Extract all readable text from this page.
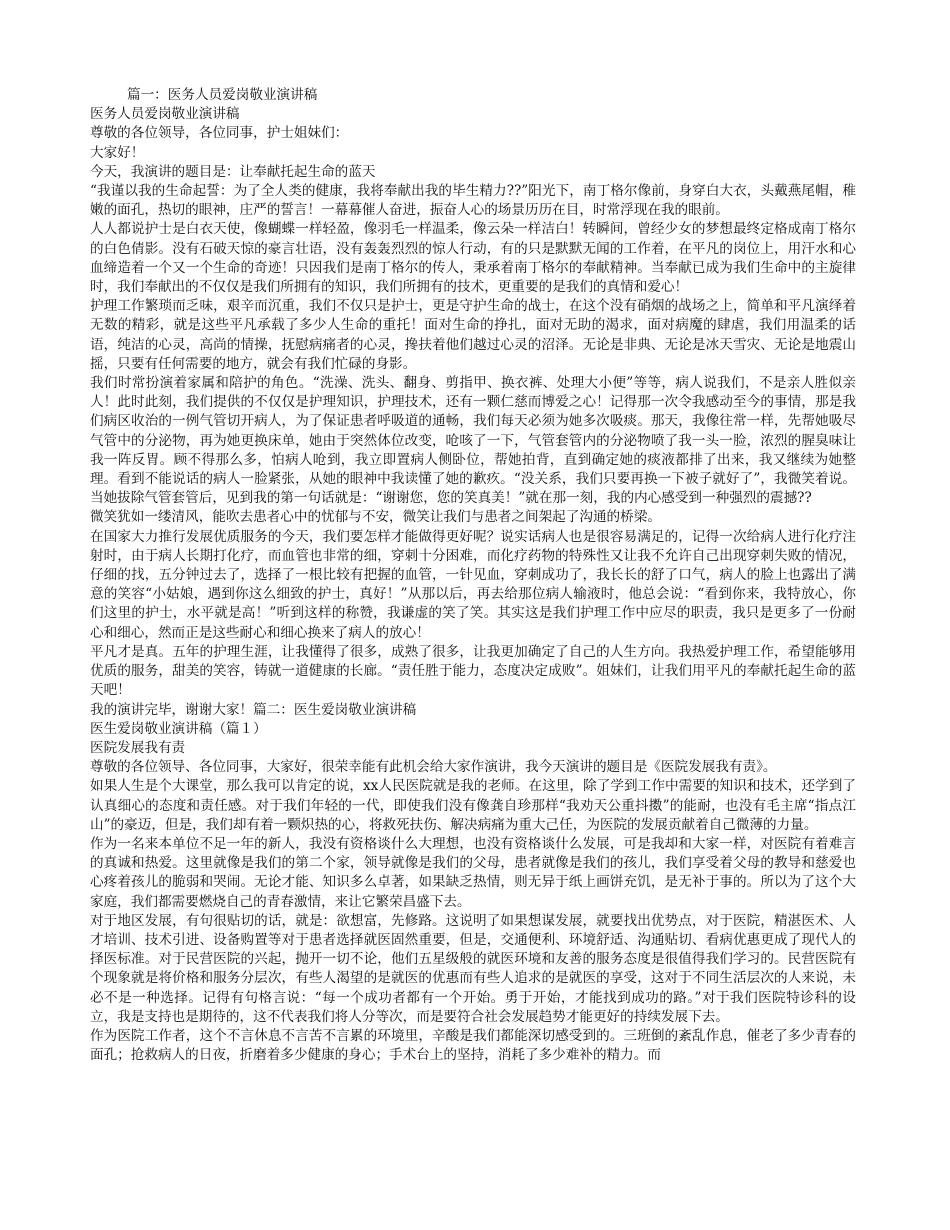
篇一：医务人员爱岗敬业演讲稿

医务人员爱岗敬业演讲稿

尊敬的各位领导，各位同事，护士姐妹们：

大家好！

今天，我演讲的题目是：让奉献托起生命的蓝天

“我谨以我的生命起誓：为了全人类的健康，我将奉献出我的毕生精力??”阳光下，南丁格尔像前，身穿白大衣，头戴燕尾帽，稚嫩的面孔，热切的眼神，庄严的誓言！一幕幕催人奋进，振奋人心的场景历历在目，时常浮现在我的眼前。

人人都说护士是白衣天使，像蝴蝶一样轻盈，像羽毛一样温柔，像云朵一样洁白！转瞬间，曾经少女的梦想最终定格成南丁格尔的白色倩影。没有石破天惊的豪言壮语，没有轰轰烈烈的惊人行动，有的只是默默无闻的工作着，在平凡的岗位上，用汗水和心血缔造着一个又一个生命的奇迹！只因我们是南丁格尔的传人，秉承着南丁格尔的奉献精神。当奉献已成为我们生命中的主旋律时，我们奉献出的不仅仅是我们所拥有的知识，我们所拥有的技术，更重要的是我们的真情和爱心！

护理工作繁琐而乏味，艰辛而沉重，我们不仅只是护士，更是守护生命的战士，在这个没有硝烟的战场之上，简单和平凡演绎着无数的精彩，就是这些平凡承载了多少人生命的重托！面对生命的挣扎，面对无助的渴求，面对病魔的肆虐，我们用温柔的话语，纯洁的心灵，高尚的情操，抚慰病痛者的心灵，搀扶着他们越过心灵的沼泽。无论是非典、无论是冰天雪灾、无论是地震山摇，只要有任何需要的地方，就会有我们忙碌的身影。

我们时常扮演着家属和陪护的角色。“洗澡、洗头、翻身、剪指甲、换衣裤、处理大小便”等等，病人说我们，不是亲人胜似亲人！此时此刻，我们提供的不仅仅是护理知识，护理技术，还有一颗仁慈而博爱之心！记得那一次令我感动至今的事情，那是我们病区收治的一例气管切开病人，为了保证患者呼吸道的通畅，我们每天必须为她多次吸痰。那天，我像往常一样，先帮她吸尽气管中的分泌物，再为她更换床单，她由于突然体位改变，呛咳了一下，气管套管内的分泌物喷了我一头一脸，浓烈的腥臭味让我一阵反胃。顾不得那么多，怕病人呛到，我立即置病人侧卧位，帮她拍背，直到确定她的痰液都排了出来，我又继续为她整理。看到不能说话的病人一脸紧张，从她的眼神中我读懂了她的歉疚。“没关系，我们只要再换一下被子就好了”，我微笑着说。当她拔除气管套管后，见到我的第一句话就是：“谢谢您，您的笑真美！”就在那一刻，我的内心感受到一种强烈的震撼??

微笑犹如一缕清风，能吹去患者心中的忧郁与不安，微笑让我们与患者之间架起了沟通的桥梁。

在国家大力推行发展优质服务的今天，我们要怎样才能做得更好呢？说实话病人也是很容易满足的，记得一次给病人进行化疗注射时，由于病人长期打化疗，而血管也非常的细，穿刺十分困难，而化疗药物的特殊性又让我不允许自己出现穿刺失败的情况，仔细的找，五分钟过去了，选择了一根比较有把握的血管，一针见血，穿刺成功了，我长长的舒了口气，病人的脸上也露出了满意的笑容“小姑娘，遇到你这么细致的护士，真好！”从那以后，再去给那位病人输液时，他总会说：“看到你来，我特放心，你们这里的护士，水平就是高！”听到这样的称赞，我谦虚的笑了笑。其实这是我们护理工作中应尽的职责，我只是更多了一份耐心和细心，然而正是这些耐心和细心换来了病人的放心！

平凡才是真。五年的护理生涯，让我懂得了很多，成熟了很多，让我更加确定了自己的人生方向。我热爱护理工作，希望能够用优质的服务，甜美的笑容，铸就一道健康的长廊。“责任胜于能力，态度决定成败”。姐妹们，让我们用平凡的奉献托起生命的蓝天吧！

我的演讲完毕，谢谢大家！篇二：医生爱岗敬业演讲稿

医生爱岗敬业演讲稿（篇１）

医院发展我有责

尊敬的各位领导、各位同事，大家好，很荣幸能有此机会给大家作演讲，我今天演讲的题目是《医院发展我有责》。

如果人生是个大课堂，那么我可以肯定的说，xx人民医院就是我的老师。在这里，除了学到工作中需要的知识和技术，还学到了认真细心的态度和责任感。对于我们年轻的一代，即使我们没有像龚自珍那样“我劝天公重抖擞”的能耐，也没有毛主席“指点江山”的豪迈，但是，我们却有着一颗炽热的心，将救死扶伤、解决病痛为重大己任，为医院的发展贡献着自己微薄的力量。

作为一名来本单位不足一年的新人，我没有资格谈什么大理想，也没有资格谈什么发展，可是我却和大家一样，对医院有着难言的真诚和热爱。这里就像是我们的第二个家，领导就像是我们的父母，患者就像是我们的孩儿，我们享受着父母的教导和慈爱也心疼着孩儿的脆弱和哭闹。无论才能、知识多么卓著，如果缺乏热情，则无异于纸上画饼充饥，是无补于事的。所以为了这个大家庭，我们都需要燃烧自己的青春激情，来让它繁荣昌盛下去。

对于地区发展，有句很贴切的话，就是：欲想富，先修路。这说明了如果想谋发展，就要找出优势点，对于医院，精湛医术、人才培训、技术引进、设备购置等对于患者选择就医固然重要，但是，交通便利、环境舒适、沟通贴切、看病优惠更成了现代人的择医标准。对于民营医院的兴起，抛开一切不论，他们五星级般的就医环境和友善的服务态度是很值得我们学习的。民营医院有个现象就是将价格和服务分层次，有些人渴望的是就医的优惠而有些人追求的是就医的享受，这对于不同生活层次的人来说，未必不是一种选择。记得有句格言说：“每一个成功者都有一个开始。勇于开始，才能找到成功的路。”对于我们医院特诊科的设立，我是支持也是期待的，这不代表我们将人分等次，而是要符合社会发展趋势才能更好的持续发展下去。

作为医院工作者，这个不言休息不言苦不言累的环境里，辛酸是我们都能深切感受到的。三班倒的紊乱作息，催老了多少青春的面孔；抢救病人的日夜，折磨着多少健康的身心；手术台上的坚持，消耗了多少难补的精力。而
